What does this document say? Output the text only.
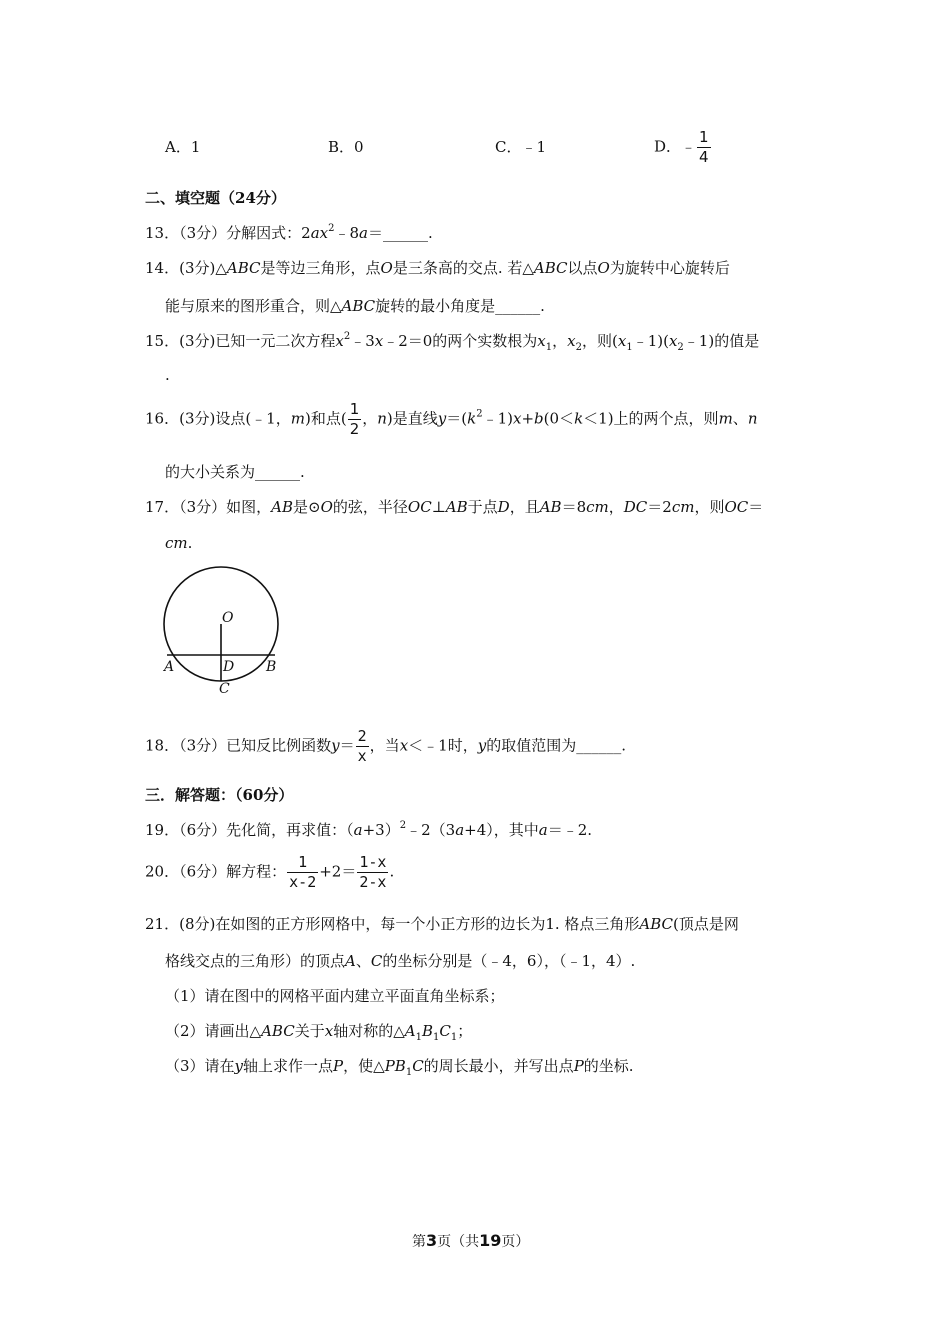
A．1	B．0	C．﹣1	D．﹣ $\frac{1}{4}$
二、填空题（24分）
13．（3分）分解因式：$2ax^2﹣8a=\_\_\_\_\_\_$.
14．(3分)△ABC是等边三角形，点O是三条高的交点. 若△ABC以点O为旋转中心旋转后
能与原来的图形重合，则△ABC旋转的最小角度是______.
15．(3分)已知一元二次方程$x^2﹣3x﹣2=0$的两个实数根为$x_1$，$x_2$，则$(x_1﹣1)(x_2﹣1)$的值是
.
16．(3分)设点(﹣1，m)和点( $\frac{1}{2}$ ，n)是直线$y=(k^2﹣1)x+b(0<k<1)$上的两个点，则m、n
的大小关系为______.
17．（3分）如图，AB是⊙O的弦，半径OC⊥AB于点D，且AB＝8cm，DC＝2cm，则OC＝
cm.
O
A	D B
C
18．（3分）已知反比例函数$y= \frac{2}{x}$ ，当x＜﹣1时，y的取值范围为______.
三．解答题：（60分）
19．（6分）先化简，再求值：$(a+3)^2﹣2(3a+4)$，其中a＝﹣2.
20．（6分）解方程： $\frac{1}{x-2} +2= \frac{1-x}{2-x}$ .
21．(8分)在如图的正方形网格中，每一个小正方形的边长为1. 格点三角形ABC(顶点是网
格线交点的三角形）的顶点A、C的坐标分别是（﹣4，6），（﹣1，4）.
（1）请在图中的网格平面内建立平面直角坐标系；
（2）请画出△ABC关于x轴对称的$\triangle A_1B_1C_1$；
（3）请在y轴上求作一点P，使$\triangle PB_1C$的周长最小，并写出点P的坐标.
第3页（共19页）
